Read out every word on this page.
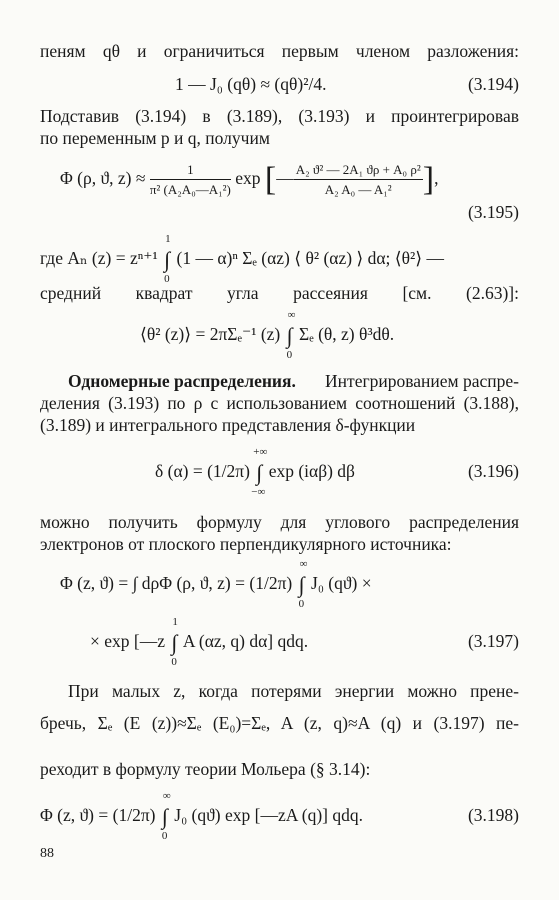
пеням qθ и ограничиться первым членом разложения:
1 — J₀ (qθ) ≈ (qθ)²/4.	(3.194)
Подставив (3.194) в (3.189), (3.193) и проинтегрировав
по переменным p и q, получим
Φ (ρ, ϑ, $z) \approx \frac{1}{\text{π² (A₂A₀—A₁²)}}$ exp [— $\frac{\text{A₂ ϑ² — 2A₁ ϑρ + A₀ ρ²}}{\text{A₂ A₀ — A₁²}}$ ],
(3.195)
где Aₙ (z) = zⁿ⁺¹ ∫
1
0
(1 — α)ⁿ Σₑ (αz) ⟨ θ² (αz) ⟩ dα; ⟨θ²⟩ —
средний квадрат угла рассеяния [см. (2.63)]:
⟨θ² (z)⟩ = 2πΣₑ⁻¹ (z) ∫
∞
0
Σₑ (θ, z) θ³dθ.
Одномерные распределения. Интегрированием распре-
деления (3.193) по ρ с использованием соотношений (3.188),
(3.189) и интегрального представления δ-функции
δ (α) = (1/2π) ∫
+∞
−∞
exp (iαβ) dβ	(3.196)
можно получить формулу для углового распределения
электронов от плоского перпендикулярного источника:
Φ (z, ϑ) = ∫ dρΦ (ρ, ϑ, z) = (1/2π) ∫
∞
0
J₀ (qϑ) ×
× exp [—z ∫
1
0
A (αz, q) dα] qdq.	(3.197)
При малых z, когда потерями энергии можно прене-
бречь, Σₑ (E (z))≈Σₑ (E₀)=Σₑ, A (z, q)≈A (q) и (3.197) пе-
реходит в формулу теории Мольера (§ 3.14):
Φ (z, ϑ) = (1/2π) ∫
∞
0
J₀ (qϑ) exp [—zA (q)] qdq.	(3.198)
88
